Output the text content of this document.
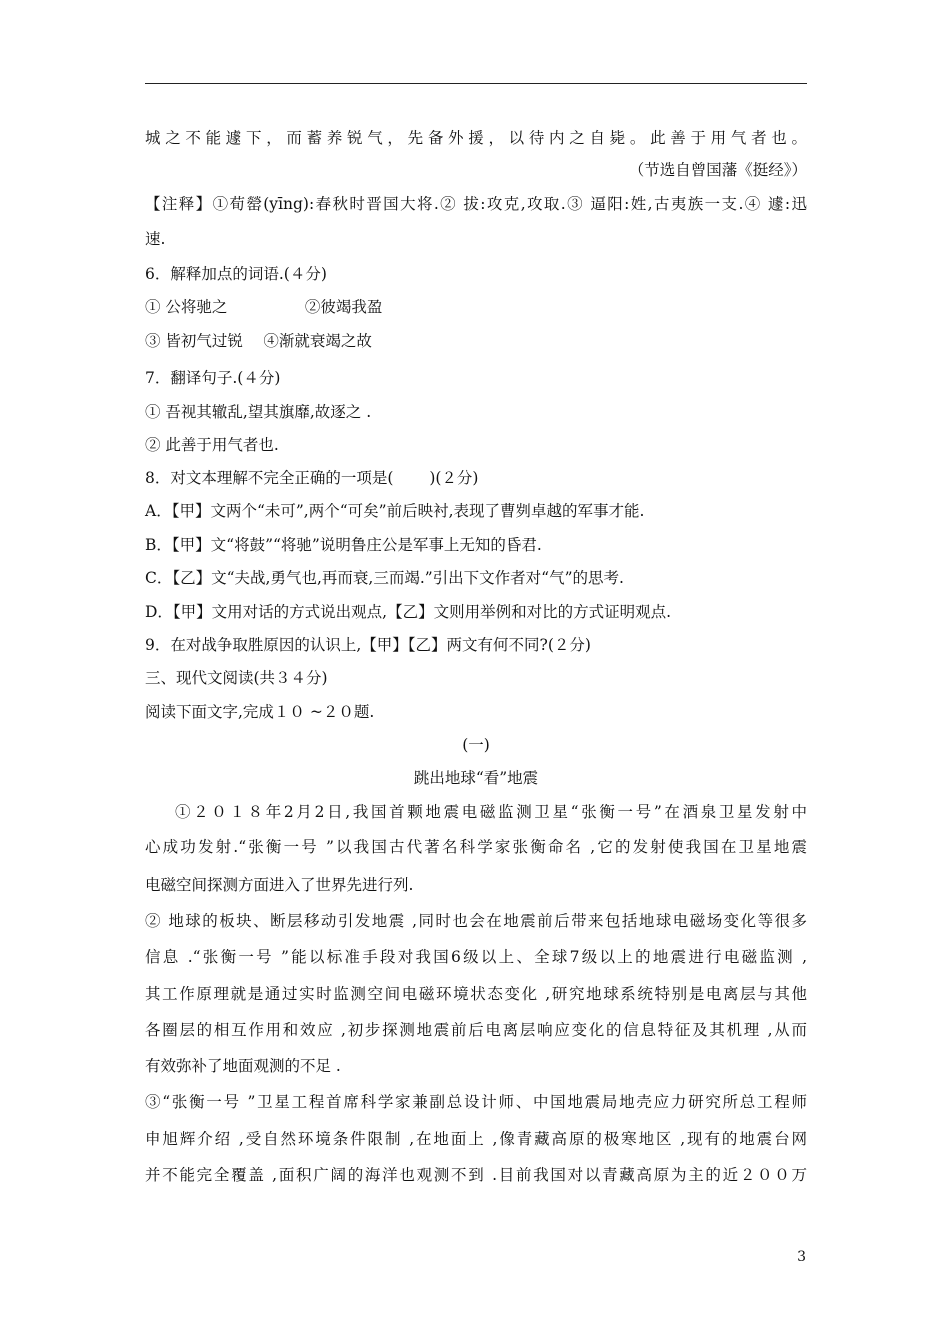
城之不能遽下，而蓄养锐气，先备外援，以待内之自毙。此善于用气者也。
（节选自曾国藩《挺经》）
【注释】①荀罃(yīng):春秋时晋国大将.② 拔:攻克,攻取.③ 逼阳:姓,古夷族一支.④ 遽:迅
速.
6．解释加点的词语.(４分)
① 公将驰之　　　　　②彼竭我盈
③ 皆初气过锐　 ④渐就衰竭之故
7．翻译句子.(４分)
① 吾视其辙乱,望其旗靡,故逐之 .
② 此善于用气者也.
8．对文本理解不完全正确的一项是(　　 )(２分)
A．【甲】文两个“未可”,两个“可矣”前后映衬,表现了曹刿卓越的军事才能.
B．【甲】文“将鼓”“将驰”说明鲁庄公是军事上无知的昏君.
C．【乙】文“夫战,勇气也,再而衰,三而竭.”引出下文作者对“气”的思考.
D．【甲】文用对话的方式说出观点,【乙】文则用举例和对比的方式证明观点.
9．在对战争取胜原因的认识上,【甲】【乙】两文有何不同?(２分)
三、现代文阅读(共３４分)
阅读下面文字,完成１０ ~２０题.
(一)
跳出地球“看”地震
①２０１８年2月2日,我国首颗地震电磁监测卫星“张衡一号”在酒泉卫星发射中
心成功发射.“张衡一号 ”以我国古代著名科学家张衡命名 ,它的发射使我国在卫星地震
电磁空间探测方面进入了世界先进行列.
② 地球的板块、断层移动引发地震 ,同时也会在地震前后带来包括地球电磁场变化等很多
信息 .“张衡一号 ”能以标准手段对我国6级以上、全球7级以上的地震进行电磁监测 ,
其工作原理就是通过实时监测空间电磁环境状态变化 ,研究地球系统特别是电离层与其他
各圈层的相互作用和效应 ,初步探测地震前后电离层响应变化的信息特征及其机理 ,从而
有效弥补了地面观测的不足 .
③“张衡一号 ”卫星工程首席科学家兼副总设计师、中国地震局地壳应力研究所总工程师
申旭辉介绍 ,受自然环境条件限制 ,在地面上 ,像青藏高原的极寒地区 ,现有的地震台网
并不能完全覆盖 ,面积广阔的海洋也观测不到 .目前我国对以青藏高原为主的近２００万
3
